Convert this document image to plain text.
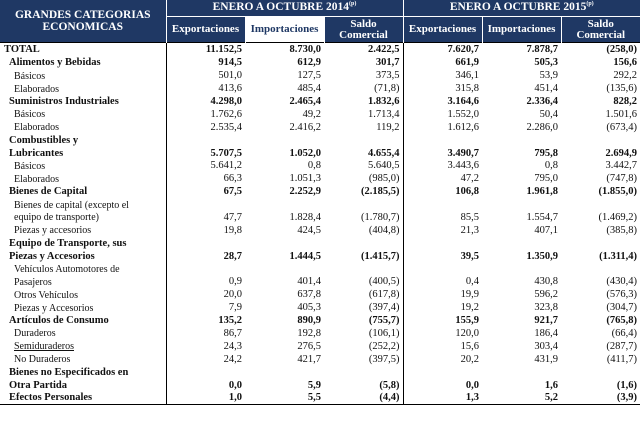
GRANDES CATEGORIAS ECONOMICAS	ENERO A OCTUBRE 2014$^{(p)}$			ENERO A OCTUBRE 2015$^{(p)}$
	Exportaciones	Importaciones	Saldo Comercial	Exportaciones	Importaciones	Saldo Comercial
TOTAL	11.152,5	8.730,0	2.422,5	7.620,7	7.878,7	(258,0)
Alimentos y Bebidas	914,5	612,9	301,7	661,9	505,3	156,6
Básicos	501,0	127,5	373,5	346,1	53,9	292,2
Elaborados	413,6	485,4	(71,8)	315,8	451,4	(135,6)
Suministros Industriales	4.298,0	2.465,4	1.832,6	3.164,6	2.336,4	828,2
Básicos	1.762,6	49,2	1.713,4	1.552,0	50,4	1.501,6
Elaborados	2.535,4	2.416,2	119,2	1.612,6	2.286,0	(673,4)
Combustibles y						
Lubricantes	5.707,5	1.052,0	4.655,4	3.490,7	795,8	2.694,9
Básicos	5.641,2	0,8	5.640,5	3.443,6	0,8	3.442,7
Elaborados	66,3	1.051,3	(985,0)	47,2	795,0	(747,8)
Bienes de Capital	67,5	2.252,9	(2.185,5)	106,8	1.961,8	(1.855,0)
Bienes de capital (excepto el						
equipo de transporte)	47,7	1.828,4	(1.780,7)	85,5	1.554,7	(1.469,2)
Piezas y accesorios	19,8	424,5	(404,8)	21,3	407,1	(385,8)
Equipo de Transporte, sus						
Piezas y Accesorios	28,7	1.444,5	(1.415,7)	39,5	1.350,9	(1.311,4)
Vehículos Automotores de						
Pasajeros	0,9	401,4	(400,5)	0,4	430,8	(430,4)
Otros Vehículos	20,0	637,8	(617,8)	19,9	596,2	(576,3)
Piezas y Accesorios	7,9	405,3	(397,4)	19,2	323,8	(304,7)
Artículos de Consumo	135,2	890,9	(755,7)	155,9	921,7	(765,8)
Duraderos	86,7	192,8	(106,1)	120,0	186,4	(66,4)
Semiduraderos	24,3	276,5	(252,2)	15,6	303,4	(287,7)
No Duraderos	24,2	421,7	(397,5)	20,2	431,9	(411,7)
Bienes no Especificados en						
Otra Partida	0,0	5,9	(5,8)	0,0	1,6	(1,6)
Efectos Personales	1,0	5,5	(4,4)	1,3	5,2	(3,9)
